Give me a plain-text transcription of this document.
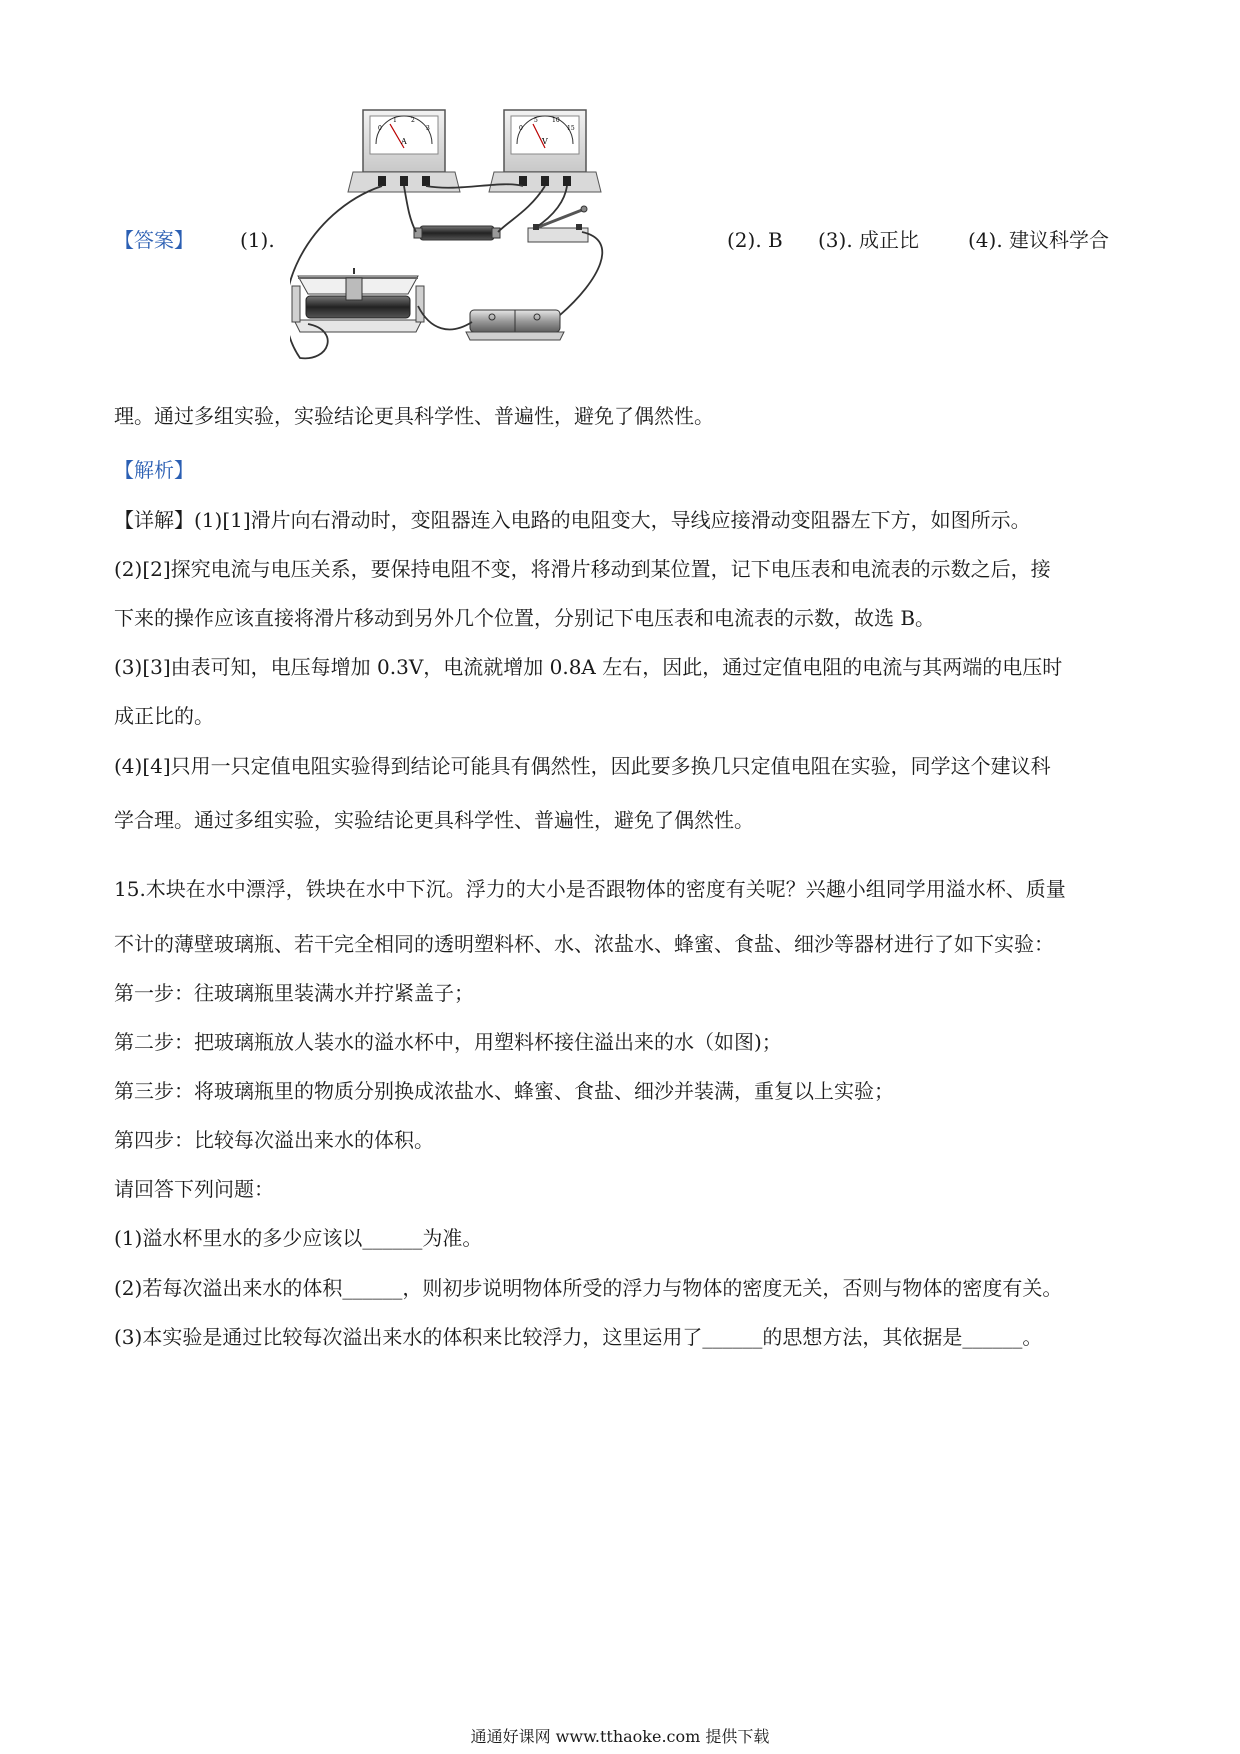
【答案】 (1).	(2). B (3). 成正比 (4). 建议科学合
0
1 2
3
A
0
5 10
15
V
理。通过多组实验，实验结论更具科学性、普遍性，避免了偶然性。
【解析】
【详解】(1)[1]滑片向右滑动时，变阻器连入电路的电阻变大，导线应接滑动变阻器左下方，如图所示。
(2)[2]探究电流与电压关系，要保持电阻不变，将滑片移动到某位置，记下电压表和电流表的示数之后，接
下来的操作应该直接将滑片移动到另外几个位置，分别记下电压表和电流表的示数，故选 B。
(3)[3]由表可知，电压每增加 0.3V，电流就增加 0.8A 左右，因此，通过定值电阻的电流与其两端的电压时
成正比的。
(4)[4]只用一只定值电阻实验得到结论可能具有偶然性，因此要多换几只定值电阻在实验，同学这个建议科
学合理。通过多组实验，实验结论更具科学性、普遍性，避免了偶然性。
15.木块在水中漂浮，铁块在水中下沉。浮力的大小是否跟物体的密度有关呢？兴趣小组同学用溢水杯、质量
不计的薄壁玻璃瓶、若干完全相同的透明塑料杯、水、浓盐水、蜂蜜、食盐、细沙等器材进行了如下实验：
第一步：往玻璃瓶里装满水并拧紧盖子；
第二步：把玻璃瓶放人装水的溢水杯中，用塑料杯接住溢出来的水（如图)；
第三步：将玻璃瓶里的物质分别换成浓盐水、蜂蜜、食盐、细沙并装满，重复以上实验；
第四步：比较每次溢出来水的体积。
请回答下列问题：
(1)溢水杯里水的多少应该以______为准。
(2)若每次溢出来水的体积______，则初步说明物体所受的浮力与物体的密度无关，否则与物体的密度有关。
(3)本实验是通过比较每次溢出来水的体积来比较浮力，这里运用了______的思想方法，其依据是______。
通通好课网 www.tthaoke.com 提供下载
